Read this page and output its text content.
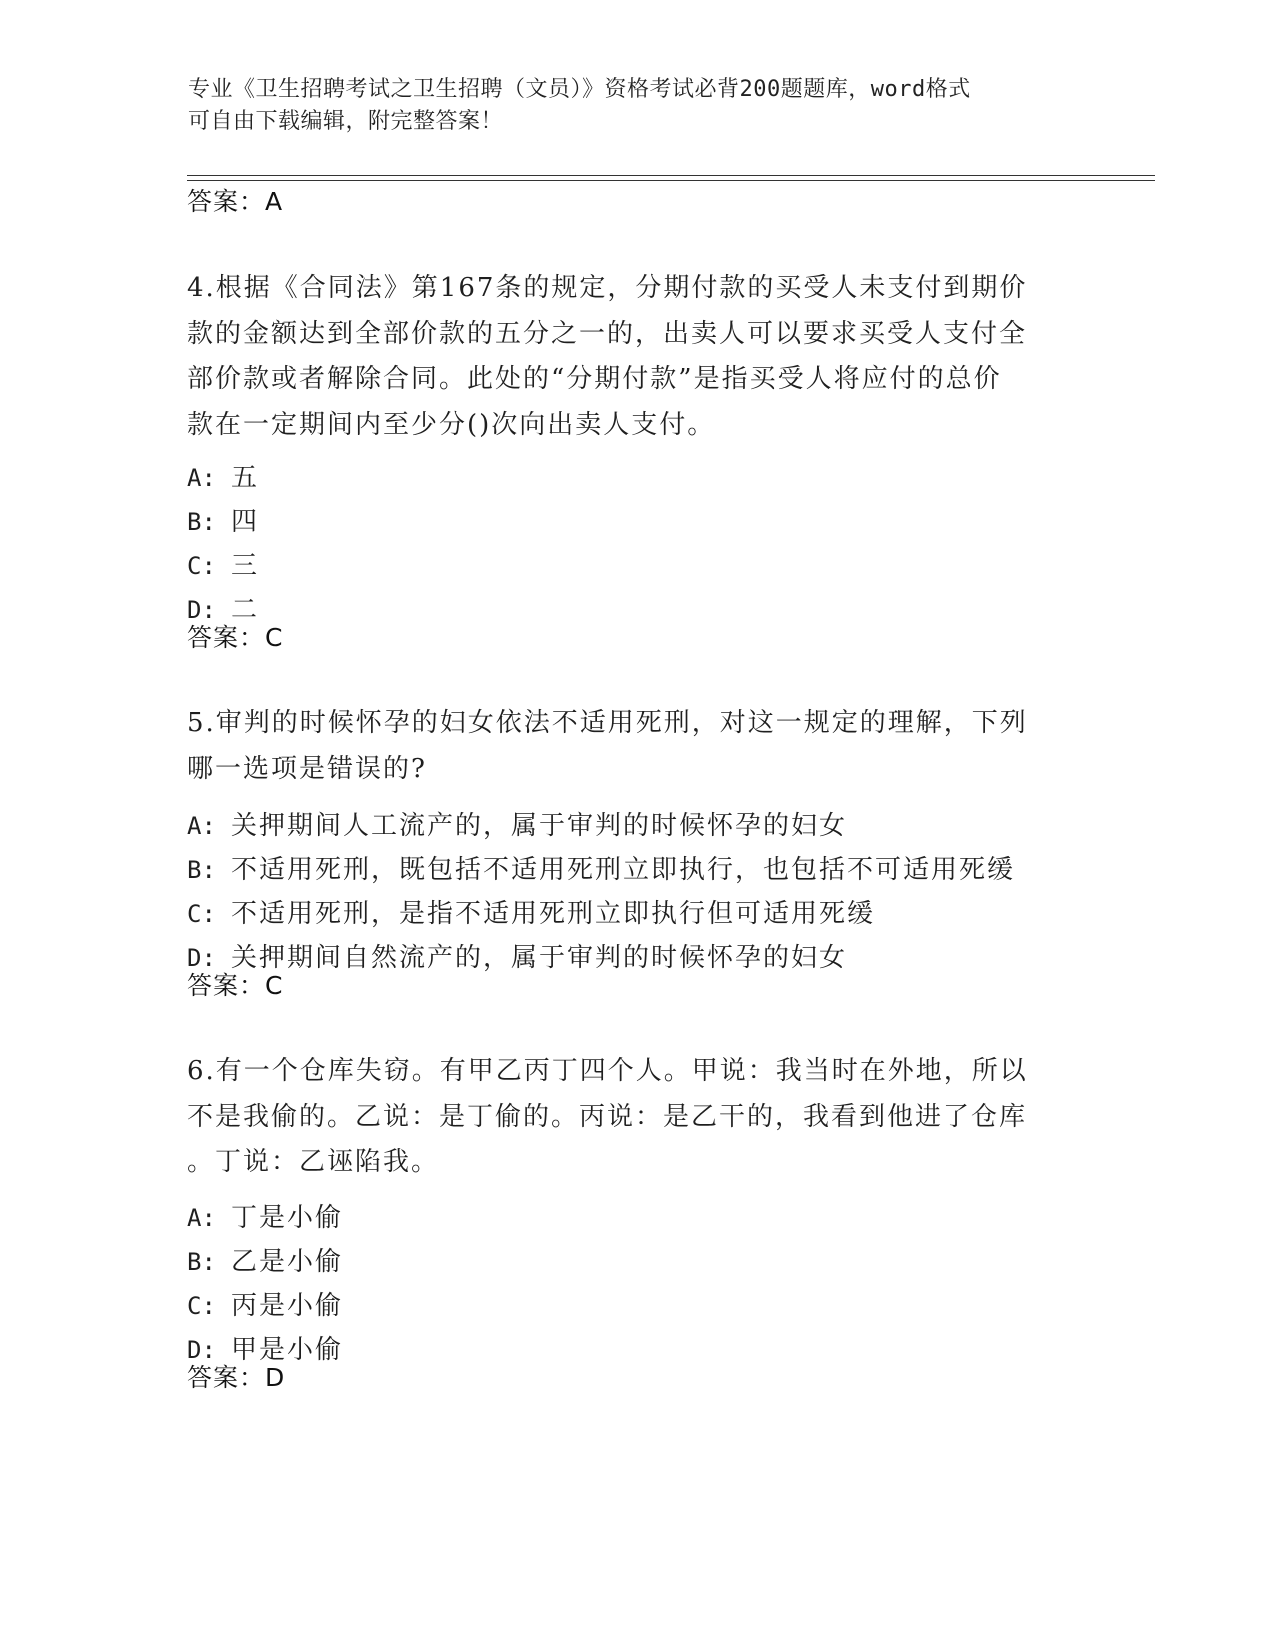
专业《卫生招聘考试之卫生招聘（文员）》资格考试必背200题题库，word格式
可自由下载编辑，附完整答案！
答案：A
4.根据《合同法》第167条的规定，分期付款的买受人未支付到期价
款的金额达到全部价款的五分之一的，出卖人可以要求买受人支付全
部价款或者解除合同。此处的“分期付款”是指买受人将应付的总价
款在一定期间内至少分()次向出卖人支付。
A: 五
B: 四
C: 三
D: 二
答案：C
5.审判的时候怀孕的妇女依法不适用死刑，对这一规定的理解，下列
哪一选项是错误的?
A: 关押期间人工流产的，属于审判的时候怀孕的妇女
B: 不适用死刑，既包括不适用死刑立即执行，也包括不可适用死缓
C: 不适用死刑，是指不适用死刑立即执行但可适用死缓
D: 关押期间自然流产的，属于审判的时候怀孕的妇女
答案：C
6.有一个仓库失窃。有甲乙丙丁四个人。甲说：我当时在外地，所以
不是我偷的。乙说：是丁偷的。丙说：是乙干的，我看到他进了仓库
。丁说：乙诬陷我。
A: 丁是小偷
B: 乙是小偷
C: 丙是小偷
D: 甲是小偷
答案：D
